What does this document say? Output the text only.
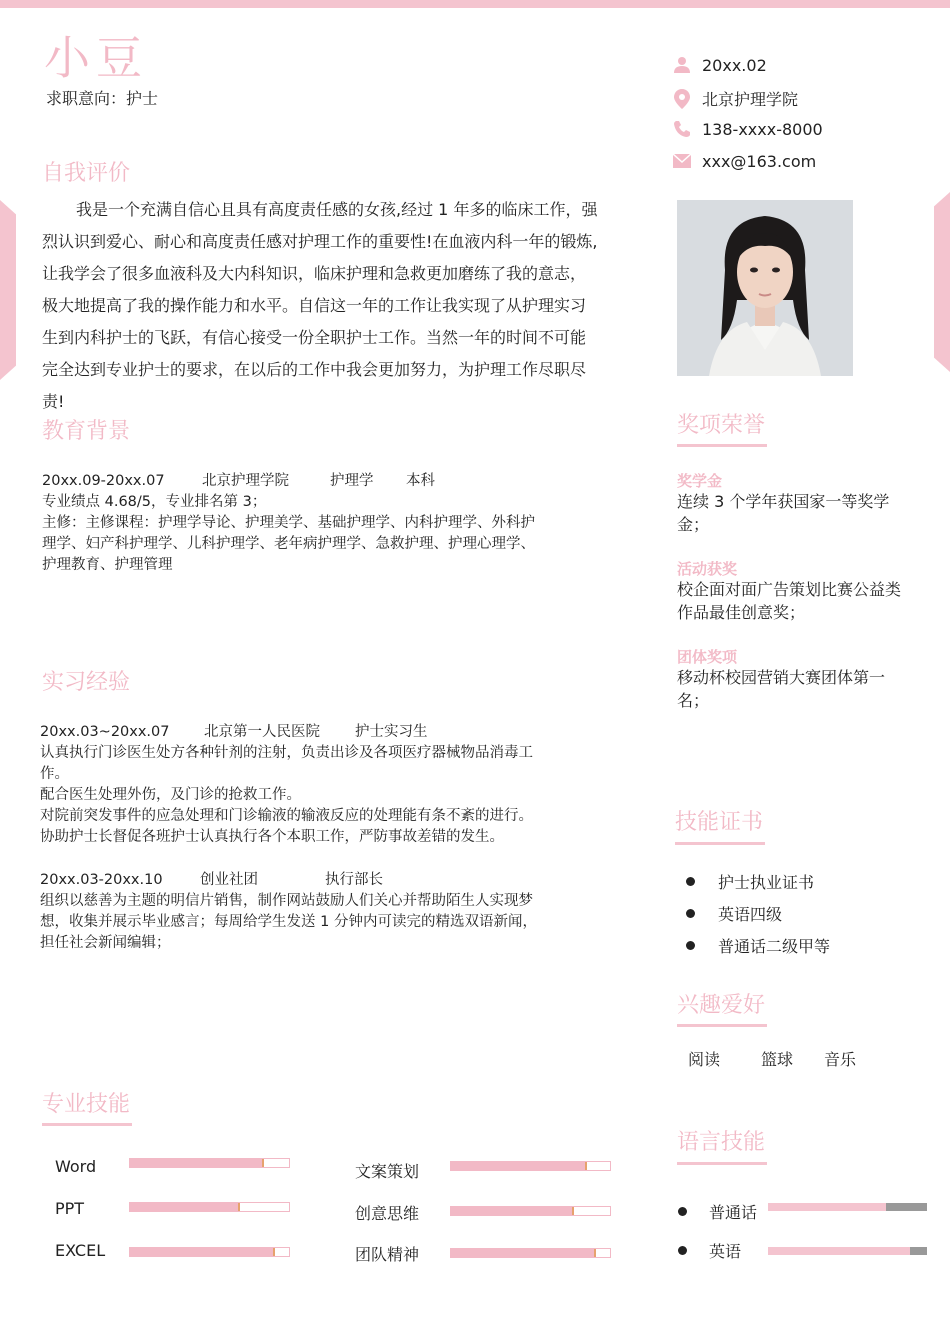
小豆
求职意向：护士
20xx.02
北京护理学院
138-xxxx-8000
xxx@163.com
自我评价
我是一个充满自信心且具有高度责任感的女孩,经过 1 年多的临床工作，强
烈认识到爱心、耐心和高度责任感对护理工作的重要性!在血液内科一年的锻炼,
让我学会了很多血液科及大内科知识，临床护理和急救更加磨练了我的意志，
极大地提高了我的操作能力和水平。自信这一年的工作让我实现了从护理实习
生到内科护士的飞跃，有信心接受一份全职护士工作。当然一年的时间不可能
完全达到专业护士的要求，在以后的工作中我会更加努力，为护理工作尽职尽
责!
教育背景
20xx.09-20xx.07	北京护理学院	护理学 本科
专业绩点 4.68/5，专业排名第 3；
主修：主修课程：护理学导论、护理美学、基础护理学、内科护理学、外科护
理学、妇产科护理学、儿科护理学、老年病护理学、急救护理、护理心理学、
护理教育、护理管理
实习经验
20xx.03~20xx.07 北京第一人民医院 护士实习生
认真执行门诊医生处方各种针剂的注射，负责出诊及各项医疗器械物品消毒工
作。
配合医生处理外伤，及门诊的抢救工作。
对院前突发事件的应急处理和门诊输液的输液反应的处理能有条不紊的进行。
协助护士长督促各班护士认真执行各个本职工作，严防事故差错的发生。
20xx.03-20xx.10	创业社团	执行部长
组织以慈善为主题的明信片销售，制作网站鼓励人们关心并帮助陌生人实现梦
想，收集并展示毕业感言；每周给学生发送 1 分钟内可读完的精选双语新闻，
担任社会新闻编辑；
专业技能
Word
PPT
EXCEL
文案策划
创意思维
团队精神
奖项荣誉
奖学金
连续 3 个学年获国家一等奖学金；
活动获奖
校企面对面广告策划比赛公益类作品最佳创意奖；
团体奖项
移动杯校园营销大赛团体第一名；
技能证书
护士执业证书
英语四级
普通话二级甲等
兴趣爱好
阅读	篮球	音乐
语言技能
普通话
英语
